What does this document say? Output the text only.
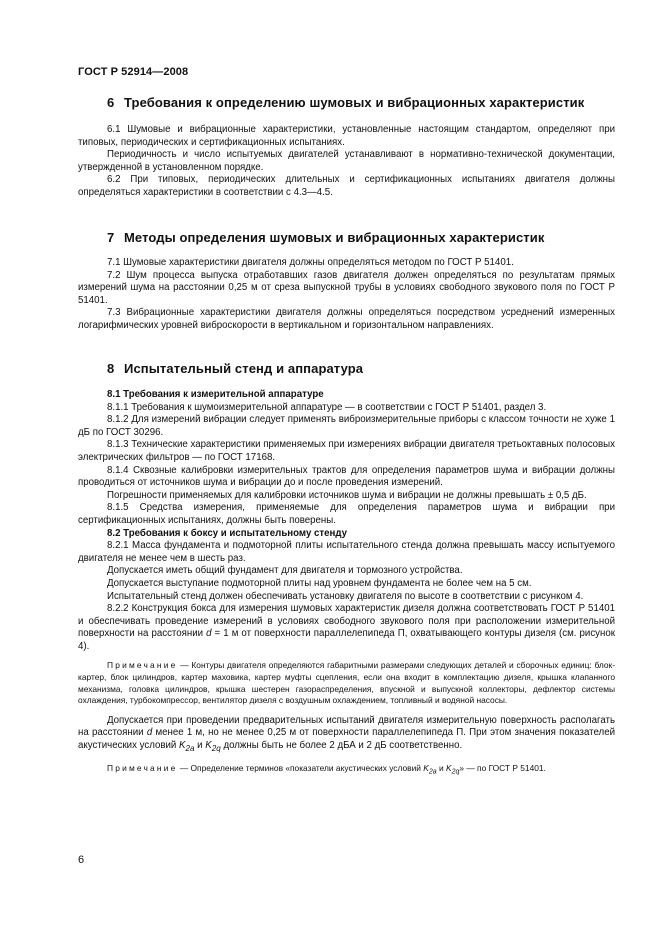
ГОСТ Р 52914—2008
6 Требования к определению шумовых и вибрационных характеристик

6.1 Шумовые и вибрационные характеристики, установленные настоящим стандартом, определяют при типовых, периодических и сертификационных испытаниях.

Периодичность и число испытуемых двигателей устанавливают в нормативно-технической документации, утвержденной в установленном порядке.

6.2 При типовых, периодических длительных и сертификационных испытаниях двигателя должны определяться характеристики в соответствии с 4.3—4.5.

7 Методы определения шумовых и вибрационных характеристик

7.1 Шумовые характеристики двигателя должны определяться методом по ГОСТ Р 51401.

7.2 Шум процесса выпуска отработавших газов двигателя должен определяться по результатам прямых измерений шума на расстоянии 0,25 м от среза выпускной трубы в условиях свободного звукового поля по ГОСТ Р 51401.

7.3 Вибрационные характеристики двигателя должны определяться посредством усреднений измеренных логарифмических уровней виброскорости в вертикальном и горизонтальном направлениях.

8 Испытательный стенд и аппаратура

8.1 Требования к измерительной аппаратуре

8.1.1 Требования к шумоизмерительной аппаратуре — в соответствии с ГОСТ Р 51401, раздел 3.

8.1.2 Для измерений вибрации следует применять виброизмерительные приборы с классом точности не хуже 1 дБ по ГОСТ 30296.

8.1.3 Технические характеристики применяемых при измерениях вибрации двигателя третьоктавных полосовых электрических фильтров — по ГОСТ 17168.

8.1.4 Сквозные калибровки измерительных трактов для определения параметров шума и вибрации должны проводиться от источников шума и вибрации до и после проведения измерений.

Погрешности применяемых для калибровки источников шума и вибрации не должны превышать ± 0,5 дБ.

8.1.5 Средства измерения, применяемые для определения параметров шума и вибрации при сертификационных испытаниях, должны быть поверены.

8.2 Требования к боксу и испытательному стенду

8.2.1 Масса фундамента и подмоторной плиты испытательного стенда должна превышать массу испытуемого двигателя не менее чем в шесть раз.

Допускается иметь общий фундамент для двигателя и тормозного устройства.

Допускается выступание подмоторной плиты над уровнем фундамента не более чем на 5 см.

Испытательный стенд должен обеспечивать установку двигателя по высоте в соответствии с рисунком 4.

8.2.2 Конструкция бокса для измерения шумовых характеристик дизеля должна соответствовать ГОСТ Р 51401 и обеспечивать проведение измерений в условиях свободного звукового поля при расположении измерительной поверхности на расстоянии d = 1 м от поверхности параллелепипеда П, охватывающего контуры дизеля (см. рисунок 4).

Примечание — Контуры двигателя определяются габаритными размерами следующих деталей и сборочных единиц: блок-картер, блок цилиндров, картер маховика, картер муфты сцепления, если она входит в комплектацию дизеля, крышка клапанного механизма, головка цилиндров, крышка шестерен газораспределения, впускной и выпускной коллекторы, дефлектор системы охлаждения, турбокомпрессор, вентилятор дизеля с воздушным охлаждением, топливный и водяной насосы.

Допускается при проведении предварительных испытаний двигателя измерительную поверхность располагать на расстоянии d менее 1 м, но не менее 0,25 м от поверхности параллелепипеда П. При этом значения показателей акустических условий $K_{2a}$ и $K_{2q}$ должны быть не более 2 дБА и 2 дБ соответственно.

Примечание — Определение терминов «показатели акустических условий $K_{2a}$ и $K_{2q}$» — по ГОСТ Р 51401.

6
